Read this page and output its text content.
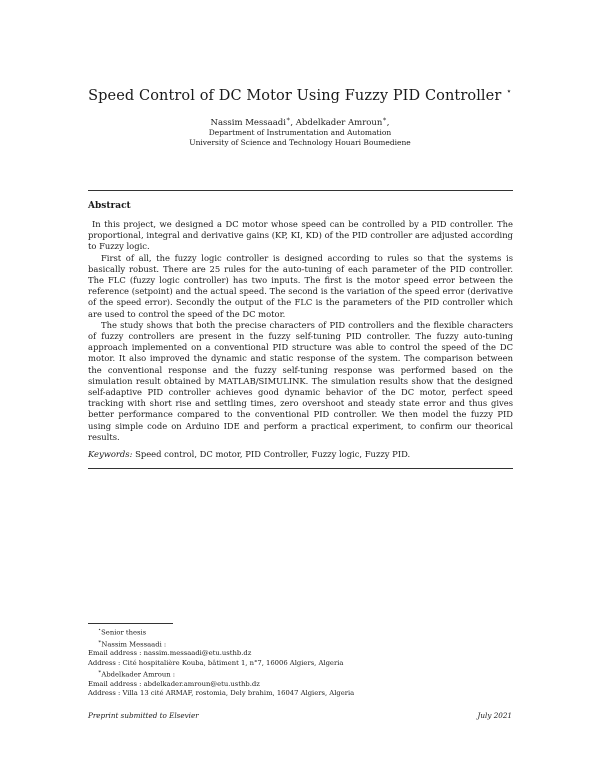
Speed Control of DC Motor Using Fuzzy PID Controller ⋆
Nassim Messaadi∗, Abdelkader Amroun∗,
Department of Instrumentation and Automation
University of Science and Technology Houari Boumediene
Abstract

In this project, we designed a DC motor whose speed can be controlled by a PID controller. The proportional, integral and derivative gains (KP, KI, KD) of the PID controller are adjusted according to Fuzzy logic.

First of all, the fuzzy logic controller is designed according to rules so that the systems is basically robust. There are 25 rules for the auto-tuning of each parameter of the PID controller. The FLC (fuzzy logic controller) has two inputs. The first is the motor speed error between the reference (setpoint) and the actual speed. The second is the variation of the speed error (derivative of the speed error). Secondly the output of the FLC is the parameters of the PID controller which are used to control the speed of the DC motor.

The study shows that both the precise characters of PID controllers and the flexible characters of fuzzy controllers are present in the fuzzy self-tuning PID controller. The fuzzy auto-tuning approach implemented on a conventional PID structure was able to control the speed of the DC motor. It also improved the dynamic and static response of the system. The comparison between the conventional response and the fuzzy self-tuning response was performed based on the simulation result obtained by MATLAB/SIMULINK. The simulation results show that the designed self-adaptive PID controller achieves good dynamic behavior of the DC motor, perfect speed tracking with short rise and settling times, zero overshoot and steady state error and thus gives better performance compared to the conventional PID controller. We then model the fuzzy PID using simple code on Arduino IDE and perform a practical experiment, to confirm our theorical results.

Keywords: Speed control, DC motor, PID Controller, Fuzzy logic, Fuzzy PID.
⋆Senior thesis
∗Nassim Messaadi :
Email address : nassim.messaadi@etu.usthb.dz
Address : Cité hospitalière Kouba, bâtiment 1, n°7, 16006 Algiers, Algeria
∗Abdelkader Amroun :
Email address : abdelkader.amroun@etu.usthb.dz
Address : Villa 13 cité ARMAF, rostomia, Dely brahim, 16047 Algiers, Algeria
Preprint submitted to Elsevier	July 2021
